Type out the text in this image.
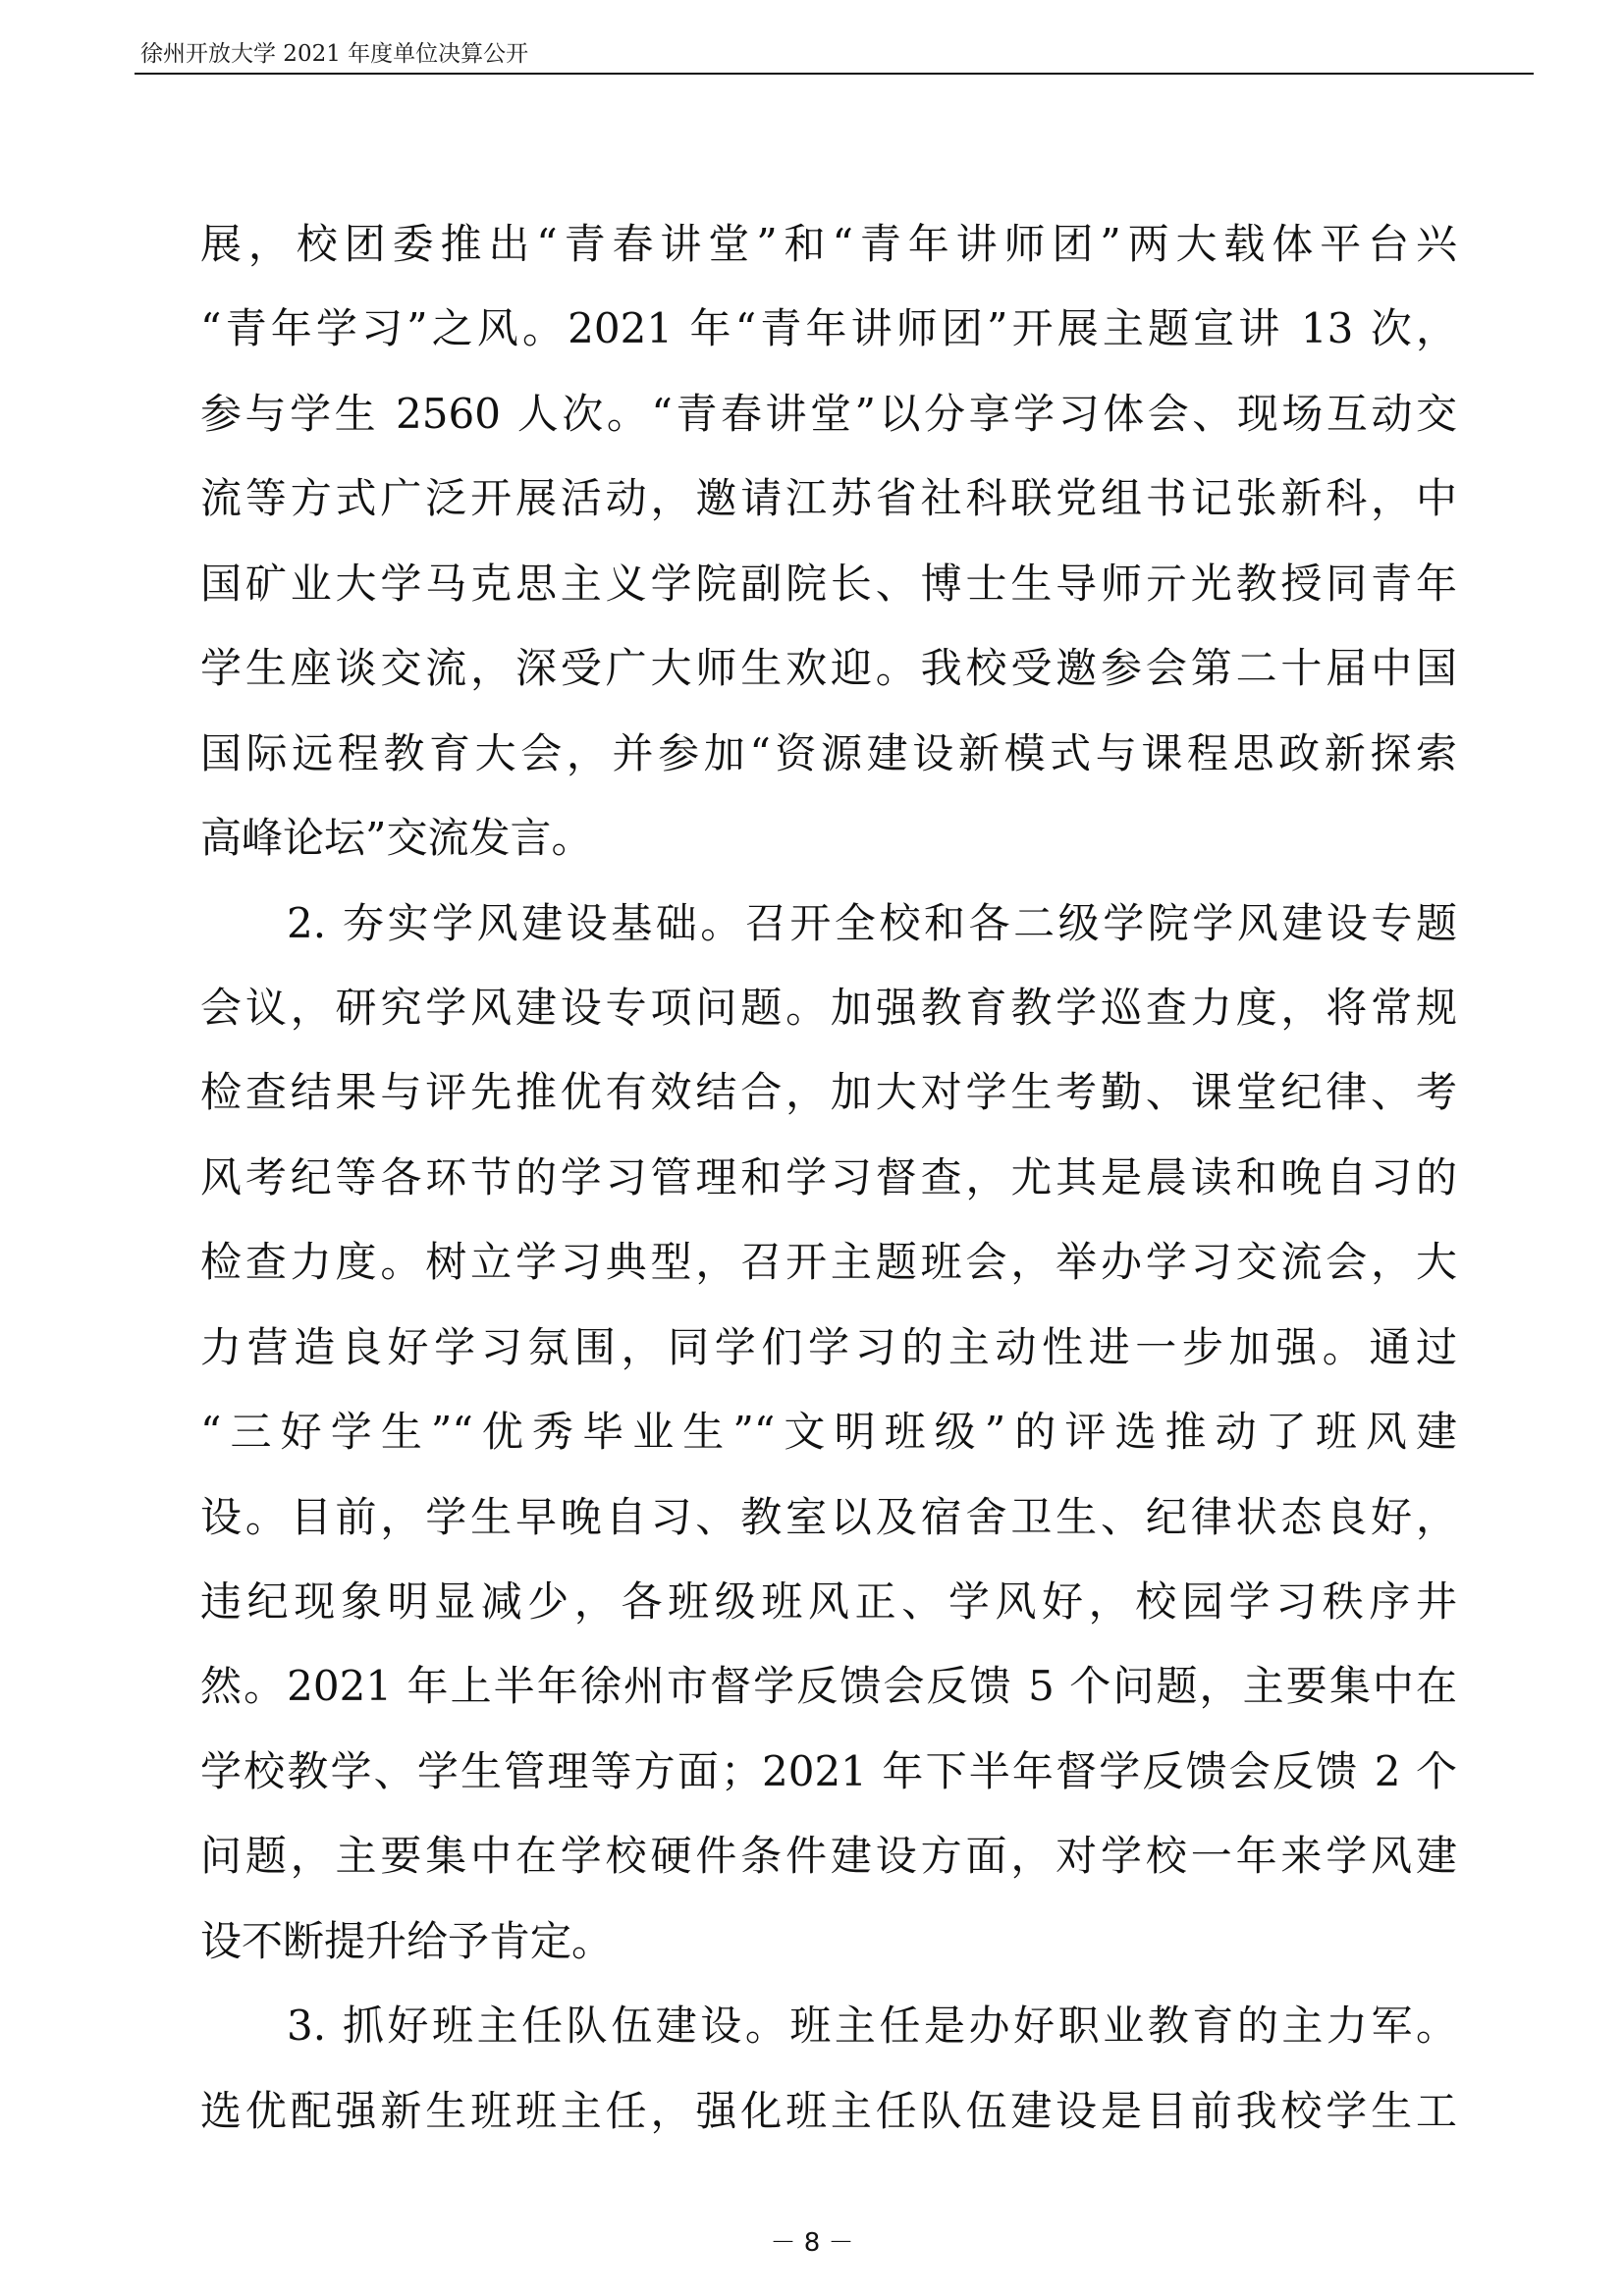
徐州开放大学 2021 年度单位决算公开
展，校团委推出“青春讲堂”和“青年讲师团”两大载体平台兴
“青年学习”之风。2021 年“青年讲师团”开展主题宣讲 13 次，
参与学生 2560 人次。“青春讲堂”以分享学习体会、现场互动交
流等方式广泛开展活动，邀请江苏省社科联党组书记张新科，中
国矿业大学马克思主义学院副院长、博士生导师亓光教授同青年
学生座谈交流，深受广大师生欢迎。我校受邀参会第二十届中国
国际远程教育大会，并参加“资源建设新模式与课程思政新探索
高峰论坛”交流发言。
2. 夯实学风建设基础。召开全校和各二级学院学风建设专题
会议，研究学风建设专项问题。加强教育教学巡查力度，将常规
检查结果与评先推优有效结合，加大对学生考勤、课堂纪律、考
风考纪等各环节的学习管理和学习督查，尤其是晨读和晚自习的
检查力度。树立学习典型，召开主题班会，举办学习交流会，大
力营造良好学习氛围，同学们学习的主动性进一步加强。通过
“三好学生”“优秀毕业生”“文明班级”的评选推动了班风建
设。目前，学生早晚自习、教室以及宿舍卫生、纪律状态良好，
违纪现象明显减少，各班级班风正、学风好，校园学习秩序井
然。2021 年上半年徐州市督学反馈会反馈 5 个问题，主要集中在
学校教学、学生管理等方面；2021 年下半年督学反馈会反馈 2 个
问题，主要集中在学校硬件条件建设方面，对学校一年来学风建
设不断提升给予肯定。
3. 抓好班主任队伍建设。班主任是办好职业教育的主力军。
选优配强新生班班主任，强化班主任队伍建设是目前我校学生工
－ 8 －
